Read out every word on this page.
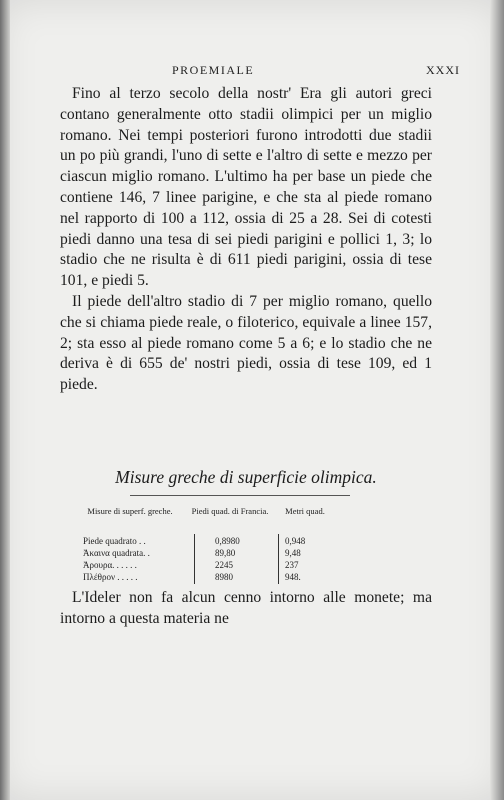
PROEMIALE	XXXI

Fino al terzo secolo della nostr' Era gli autori greci contano generalmente otto stadii olimpici per un miglio romano. Nei tempi posteriori furono introdotti due stadii un po più grandi, l'uno di sette e l'altro di sette e mezzo per ciascun miglio romano. L'ultimo ha per base un piede che contiene 146, 7 linee parigine, e che sta al piede romano nel rapporto di 100 a 112, ossia di 25 a 28. Sei di cotesti piedi danno una tesa di sei piedi parigini e pollici 1, 3; lo stadio che ne risulta è di 611 piedi parigini, ossia di tese 101, e piedi 5.

Il piede dell'altro stadio di 7 per miglio romano, quello che si chiama piede reale, o filoterico, equivale a linee 157, 2; sta esso al piede romano come 5 a 6; e lo stadio che ne deriva è di 655 de' nostri piedi, ossia di tese 109, ed 1 piede.

Misure greche di superficie olimpica.
Misure di superf. greche.	Piedi quad. di Francia.	Metri quad.
Piede quadrato . .	0,8980	0,948
Ἀκαινα quadrata. .	89,80	9,48
Ἀρουρα. . . . . .	2245	237
Πλέθρον . . . . .	8980	948.

L'Ideler non fa alcun cenno intorno alle monete; ma intorno a questa materia ne
